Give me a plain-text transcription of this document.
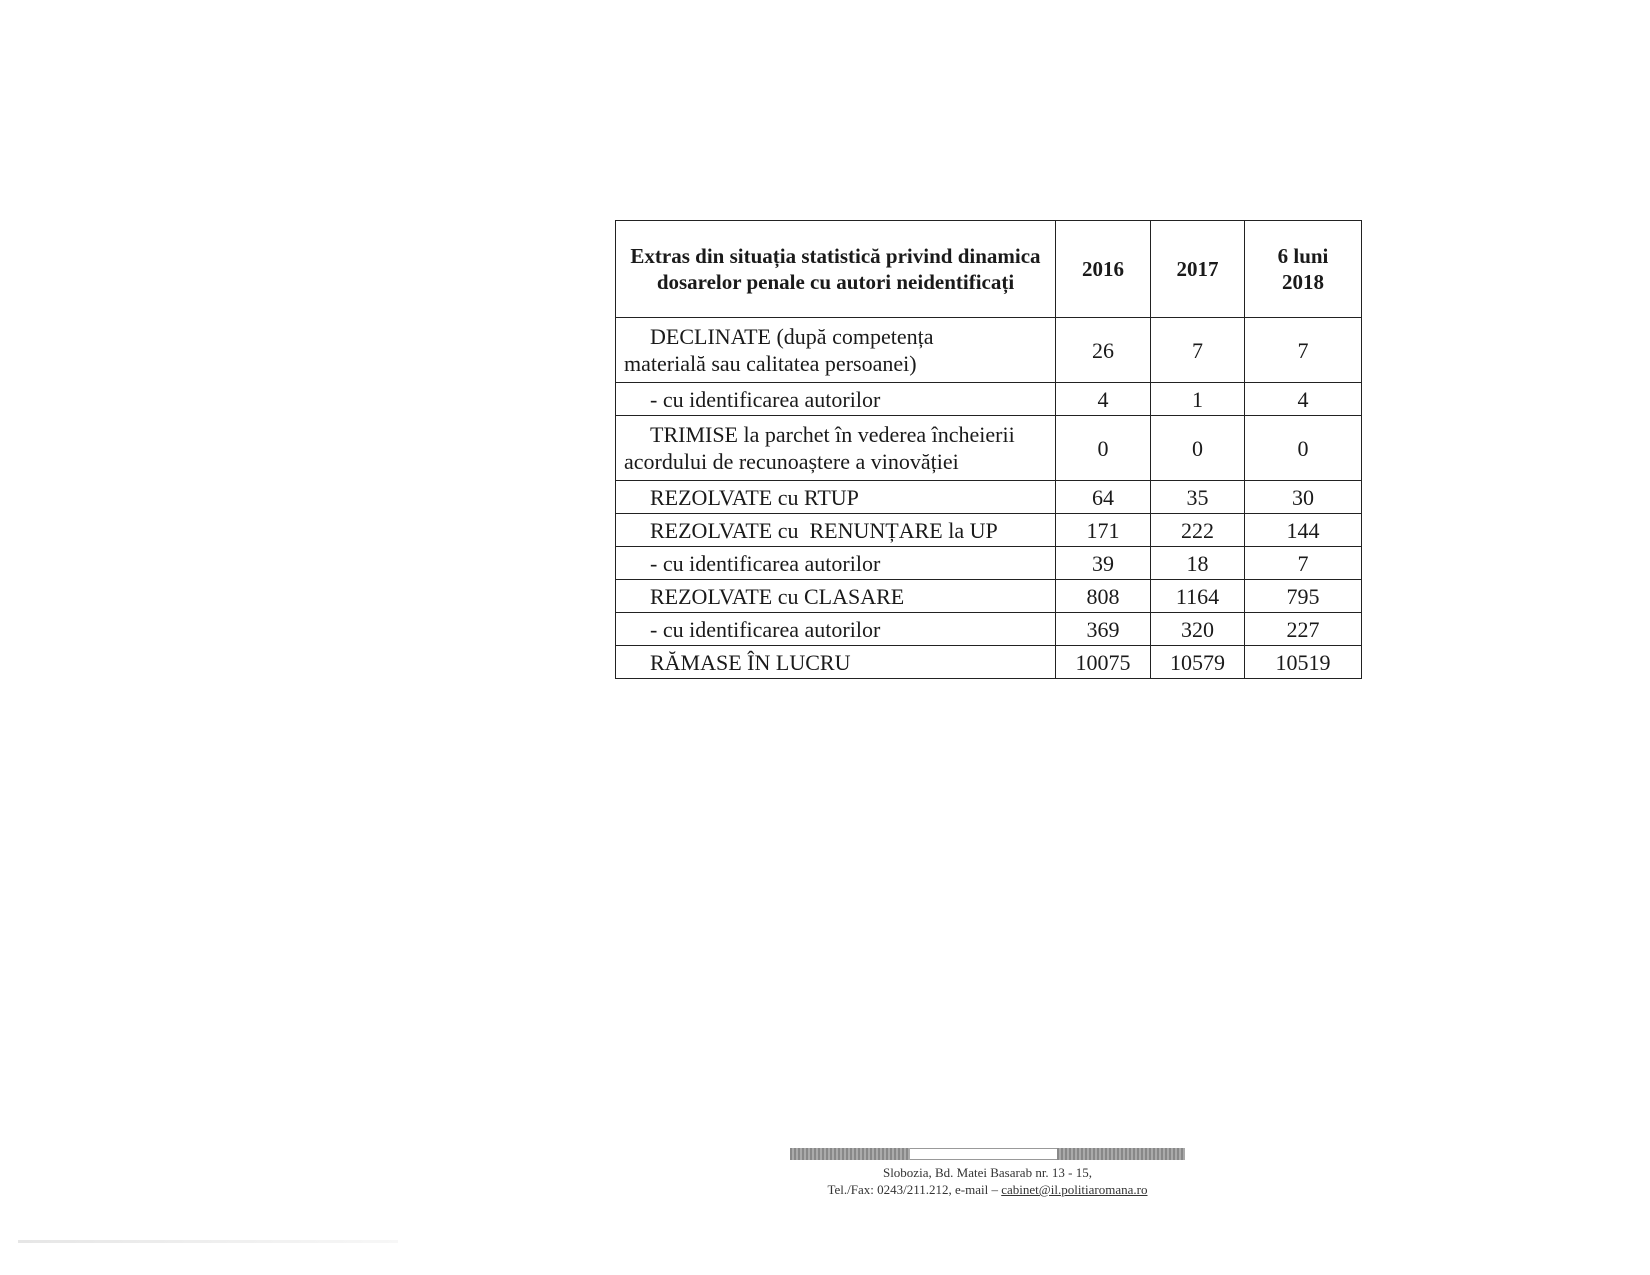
Extras din situația statistică privind dinamica dosarelor penale cu autori neidentificați	2016	2017	6 luni
2018

DECLINATE (după competența
materială sau calitatea persoanei)	26	7	7
- cu identificarea autorilor	4	1	4

TRIMISE la parchet în vederea încheierii
acordului de recunoaștere a vinovăției	0	0	0
REZOLVATE cu RTUP	64	35	30
REZOLVATE cu  RENUNȚARE la UP	171	222	144
- cu identificarea autorilor	39	18	7
REZOLVATE cu CLASARE	808	1164	795
- cu identificarea autorilor	369	320	227
RĂMASE ÎN LUCRU	10075	10579	10519
Slobozia, Bd. Matei Basarab nr. 13 - 15,
Tel./Fax: 0243/211.212, e-mail – cabinet@il.politiaromana.ro
